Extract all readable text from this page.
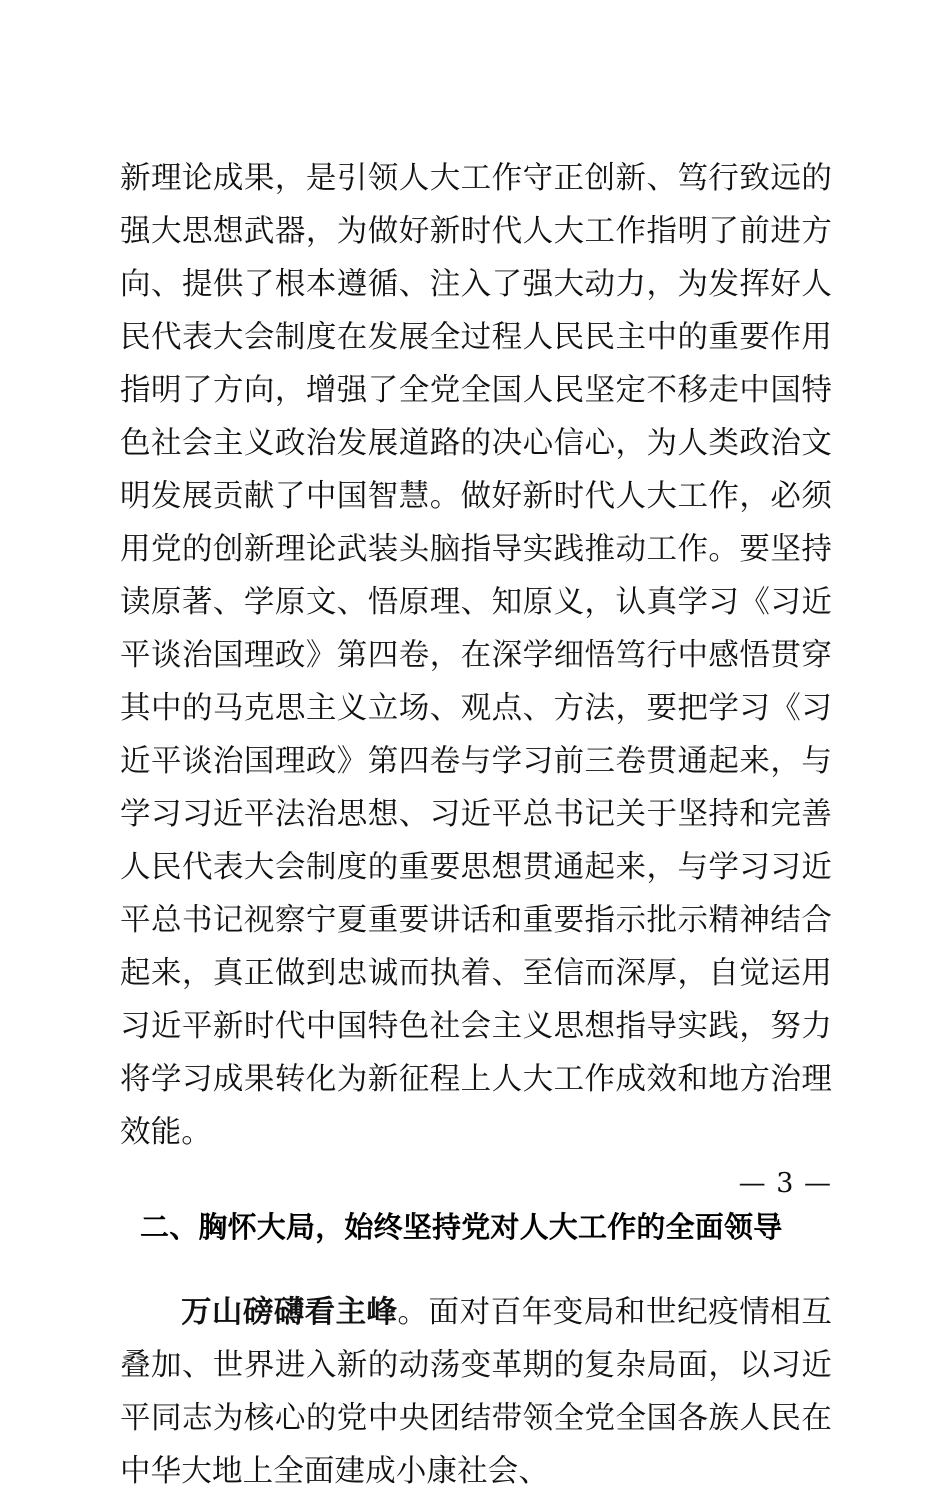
新理论成果，是引领人大工作守正创新、笃行致远的强大思想武器，为做好新时代人大工作指明了前进方向、提供了根本遵循、注入了强大动力，为发挥好人民代表大会制度在发展全过程人民民主中的重要作用指明了方向，增强了全党全国人民坚定不移走中国特色社会主义政治发展道路的决心信心，为人类政治文明发展贡献了中国智慧。做好新时代人大工作，必须用党的创新理论武装头脑指导实践推动工作。要坚持读原著、学原文、悟原理、知原义，认真学习《习近平谈治国理政》第四卷，在深学细悟笃行中感悟贯穿其中的马克思主义立场、观点、方法，要把学习《习近平谈治国理政》第四卷与学习前三卷贯通起来，与学习习近平法治思想、习近平总书记关于坚持和完善人民代表大会制度的重要思想贯通起来，与学习习近平总书记视察宁夏重要讲话和重要指示批示精神结合起来，真正做到忠诚而执着、至信而深厚，自觉运用习近平新时代中国特色社会主义思想指导实践，努力将学习成果转化为新征程上人大工作成效和地方治理效能。

二、胸怀大局，始终坚持党对人大工作的全面领导

万山磅礴看主峰。面对百年变局和世纪疫情相互叠加、世界进入新的动荡变革期的复杂局面，以习近平同志为核心的党中央团结带领全党全国各族人民在中华大地上全面建成小康社会、

— 3 —
